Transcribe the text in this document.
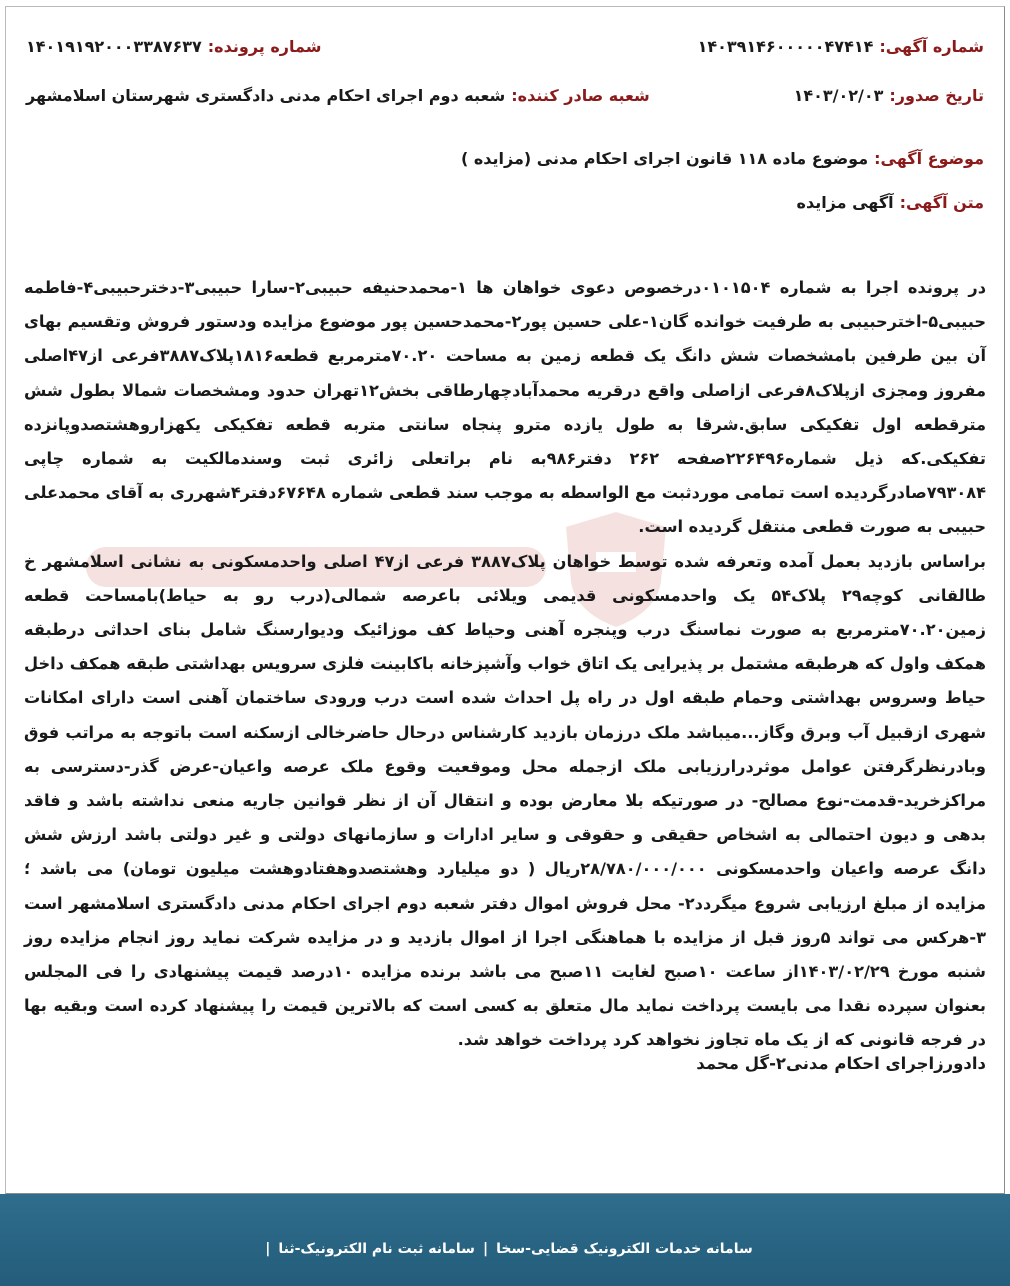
شماره آگهی:
۱۴۰۳۹۱۴۶۰۰۰۰۰۴۷۴۱۴
شماره پرونده:
۱۴۰۱۹۱۹۲۰۰۰۳۳۸۷۶۳۷
تاریخ صدور:
۱۴۰۳/۰۲/۰۳
شعبه صادر کننده:
شعبه دوم اجرای احکام مدنی دادگستری شهرستان اسلامشهر
موضوع آگهی:
موضوع ماده ۱۱۸ قانون اجرای احکام مدنی (مزایده )
متن آگهی:
آگهی مزایده

در پرونده اجرا به شماره ۰۱۰۱۵۰۴درخصوص دعوی خواهان ها ۱-محمدحنیفه حبیبی۲-سارا حبیبی۳-دخترحبیبی۴-فاطمه حبیبی۵-اخترحبیبی به طرفیت خوانده گان۱-علی حسین پور۲-محمدحسین پور موضوع مزایده ودستور فروش وتقسیم بهای آن بین طرفین بامشخصات شش دانگ یک قطعه زمین به مساحت ۷۰.۲۰مترمربع قطعه۱۸۱۶پلاک۳۸۸۷فرعی از۴۷اصلی مفروز ومجزی ازپلاک۸فرعی ازاصلی واقع درقریه محمدآبادچهارطاقی بخش۱۲تهران حدود ومشخصات شمالا بطول شش مترقطعه اول تفکیکی سابق.شرقا به طول یازده مترو پنجاه سانتی متربه قطعه تفکیکی یکهزاروهشتصدوپانزده تفکیکی.که ذیل شماره۲۲۶۴۹۶صفحه ۲۶۲ دفتر۹۸۶به نام براتعلی زائری ثبت وسندمالکیت به شماره چاپی ۷۹۳۰۸۴صادرگردیده است تمامی موردثبت مع الواسطه به موجب سند قطعی شماره ۶۷۶۴۸دفتر۴شهرری به آقای محمدعلی حبیبی به صورت قطعی منتقل گردیده است.

براساس بازدید بعمل آمده وتعرفه شده توسط خواهان پلاک۳۸۸۷ فرعی از۴۷ اصلی واحدمسکونی به نشانی اسلامشهر خ طالقانی کوچه۲۹ پلاک۵۴ یک واحدمسکونی قدیمی ویلائی باعرصه شمالی(درب رو به حیاط)بامساحت قطعه زمین۷۰.۲۰مترمربع به صورت نماسنگ درب وپنجره آهنی وحیاط کف موزائیک ودیوارسنگ شامل بنای احداثی درطبقه همکف واول که هرطبقه مشتمل بر پذیرایی یک اتاق خواب وآشپزخانه باکابینت فلزی سرویس بهداشتی طبقه همکف داخل حیاط وسروس بهداشتی وحمام طبقه اول در راه پل احداث شده است درب ورودی ساختمان آهنی است دارای امکانات شهری ازقبیل آب وبرق وگاز...میباشد ملک درزمان بازدید کارشناس درحال حاضرخالی ازسکنه است باتوجه به مراتب فوق وبادرنظرگرفتن عوامل موثردرارزیابی ملک ازجمله محل وموقعیت وقوع ملک عرصه واعیان-عرض گذر-دسترسی به مراکزخرید-قدمت-نوع مصالح- در صورتیکه بلا معارض بوده و انتقال آن از نظر قوانین جاریه منعی نداشته باشد و فاقد بدهی و دیون احتمالی به اشخاص حقیقی و حقوقی و سایر ادارات و سازمانهای دولتی و غیر دولتی باشد ارزش شش دانگ عرصه واعیان واحدمسکونی ۲۸/۷۸۰/۰۰۰/۰۰۰ریال ( دو میلیارد وهشتصدوهفتادوهشت میلیون تومان) می باشد ؛ مزایده از مبلغ ارزیابی شروع میگردد۲- محل فروش اموال دفتر شعبه دوم اجرای احکام مدنی دادگستری اسلامشهر است ۳-هرکس می تواند ۵روز قبل از مزایده با هماهنگی اجرا از اموال بازدید و در مزایده شرکت نماید روز انجام مزایده روز شنبه مورخ ۱۴۰۳/۰۲/۲۹از ساعت ۱۰صبح لغایت ۱۱صبح می باشد برنده مزایده ۱۰درصد قیمت پیشنهادی را فی المجلس بعنوان سپرده نقدا می بایست پرداخت نماید مال متعلق به کسی است که بالاترین قیمت را پیشنهاد کرده است وبقیه بها در فرجه قانونی که از یک ماه تجاوز نخواهد کرد پرداخت خواهد شد.

دادورزاجرای احکام مدنی۲-گل محمد
سامانه خدمات الکترونیک قضایی-سخا
|
سامانه ثبت نام الکترونیک-ثنا
|
